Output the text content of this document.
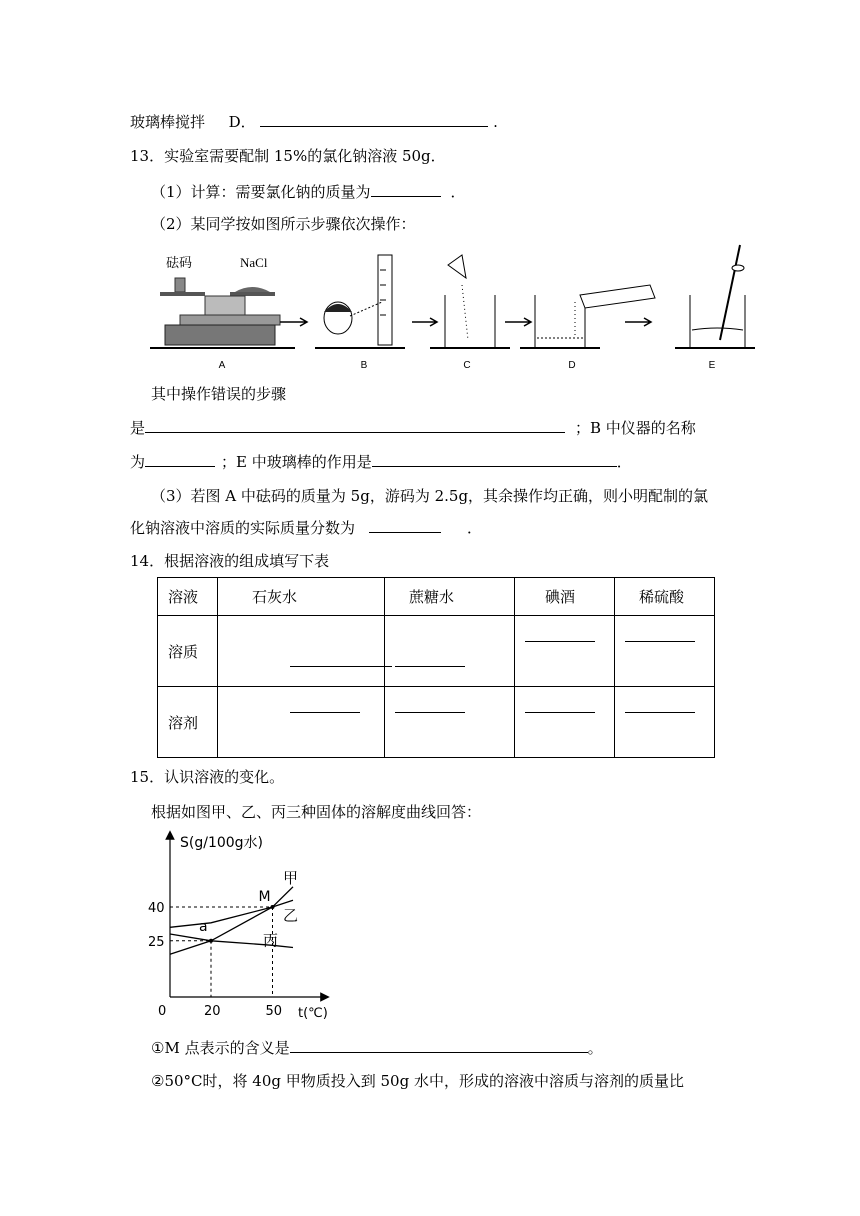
玻璃棒搅拌 D．	.
13．实验室需要配制 15%的氯化钠溶液 50g．
（1）计算：需要氯化钠的质量为	．
（2）某同学按如图所示步骤依次操作：
砝码	NaCl
A	B	C	D	E
其中操作错误的步骤
是	；B 中仪器的名称
为	；E 中玻璃棒的作用是	．
（3）若图 A 中砝码的质量为 5g，游码为 2.5g，其余操作均正确，则小明配制的氯
化钠溶液中溶质的实际质量分数为	．
14．根据溶液的组成填写下表
溶液	石灰水	蔗糖水	碘酒	稀硫酸
溶质	

溶剂	

15．认识溶液的变化。
根据如图甲、乙、丙三种固体的溶解度曲线回答：
S(g/100g水)
t(℃)
0	20	50
25
40
甲
乙
丙
a
M
①M 点表示的含义是	。
②50°C时，将 40g 甲物质投入到 50g 水中，形成的溶液中溶质与溶剂的质量比
